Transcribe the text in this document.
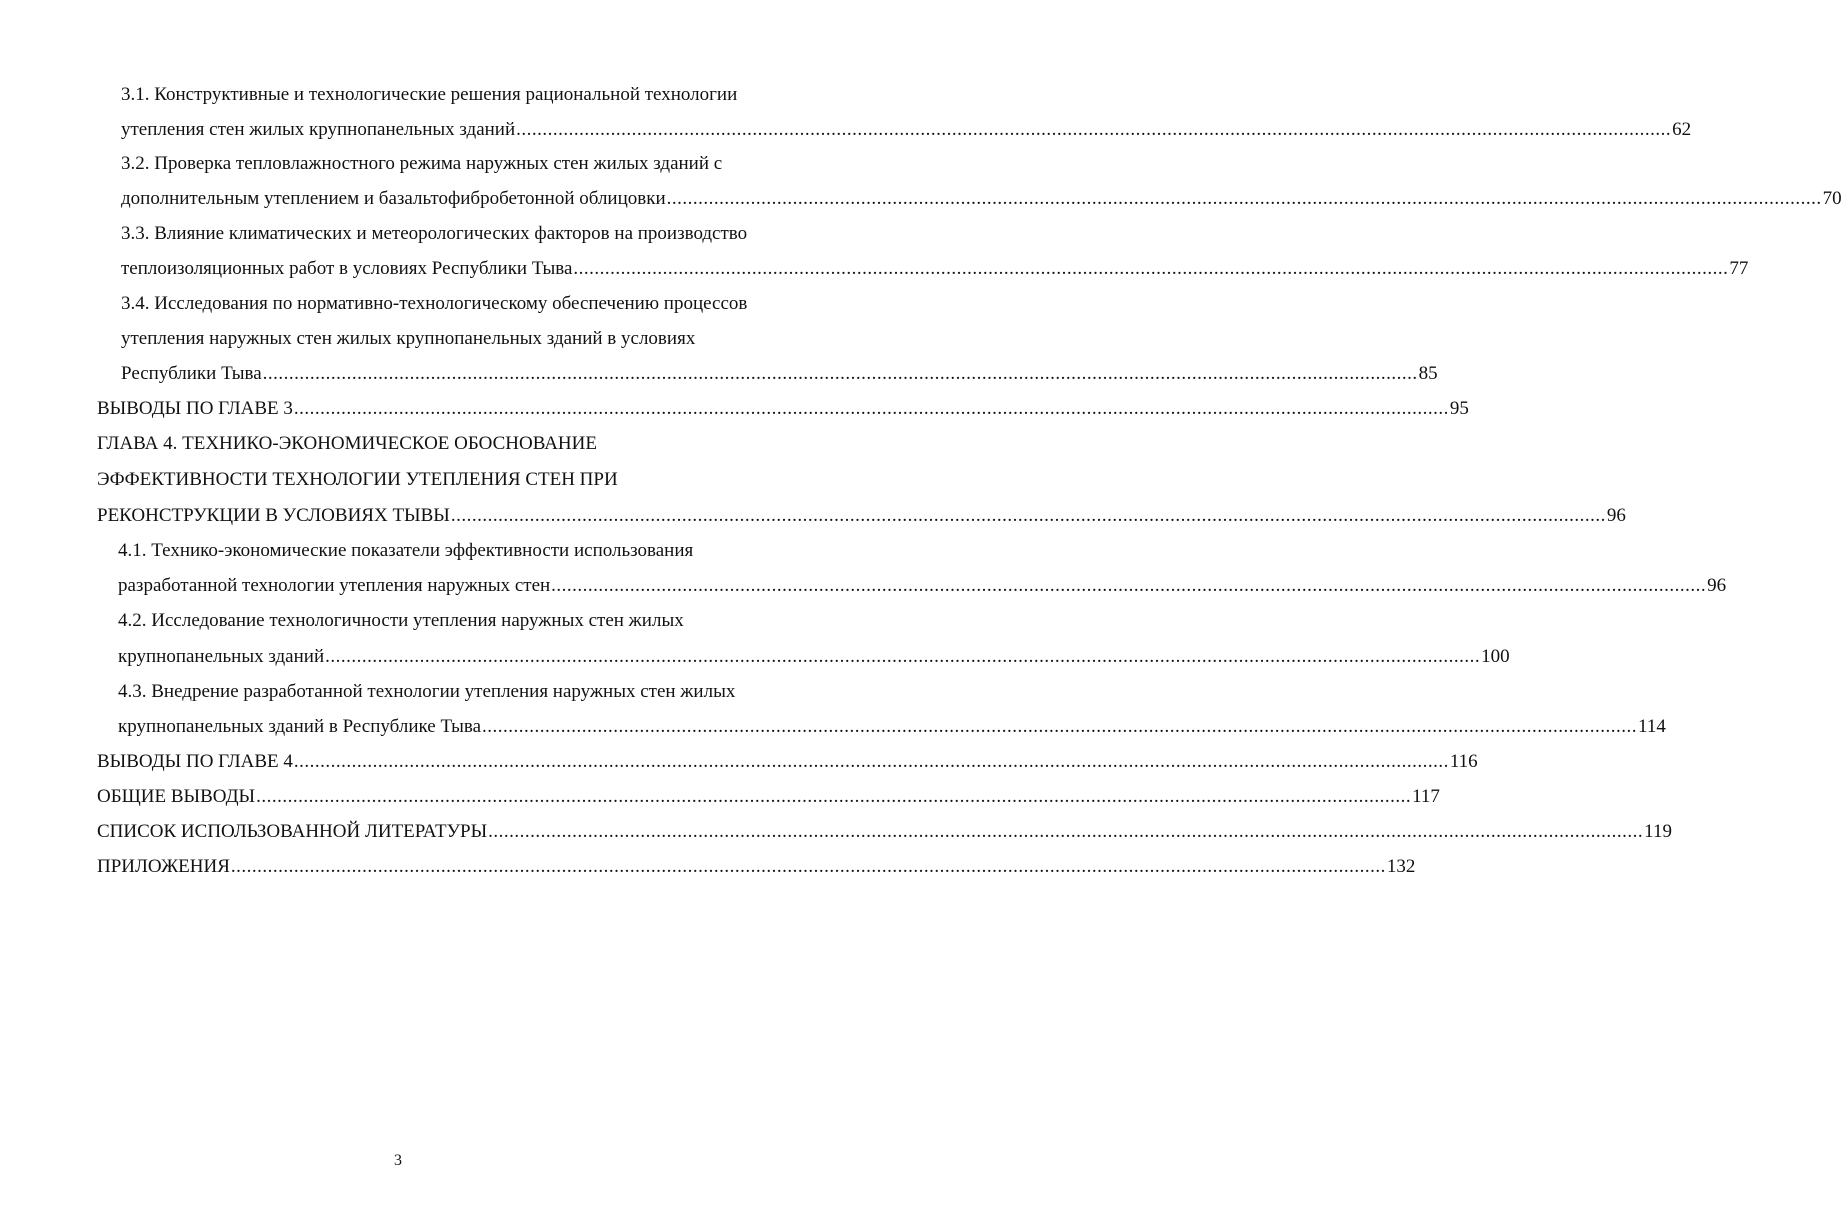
3.1. Конструктивные и технологические решения рациональной технологии
утепления стен жилых крупнопанельных зданий ............................................................................................................................................................................................................................ 62
3.2. Проверка тепловлажностного режима наружных стен жилых зданий с
дополнительным утеплением и базальтофибробетонной облицовки ............................................................................................................................................................................................................................ 70
3.3. Влияние климатических и метеорологических факторов на производство
теплоизоляционных работ в условиях Республики Тыва ............................................................................................................................................................................................................................ 77
3.4. Исследования по нормативно-технологическому обеспечению процессов
утепления наружных стен жилых крупнопанельных зданий в условиях
Республики Тыва ............................................................................................................................................................................................................................ 85
ВЫВОДЫ ПО ГЛАВЕ 3 ............................................................................................................................................................................................................................ 95
ГЛАВА 4. ТЕХНИКО-ЭКОНОМИЧЕСКОЕ ОБОСНОВАНИЕ
ЭФФЕКТИВНОСТИ ТЕХНОЛОГИИ УТЕПЛЕНИЯ СТЕН ПРИ
РЕКОНСТРУКЦИИ В УСЛОВИЯХ ТЫВЫ ............................................................................................................................................................................................................................ 96
4.1. Технико-экономические показатели эффективности использования
разработанной технологии утепления наружных стен ............................................................................................................................................................................................................................ 96
4.2. Исследование технологичности утепления наружных стен жилых
крупнопанельных зданий ............................................................................................................................................................................................................................ 100
4.3. Внедрение разработанной технологии утепления наружных стен жилых
крупнопанельных зданий в Республике Тыва ............................................................................................................................................................................................................................ 114
ВЫВОДЫ ПО ГЛАВЕ 4 ............................................................................................................................................................................................................................ 116
ОБЩИЕ ВЫВОДЫ ............................................................................................................................................................................................................................ 117
СПИСОК ИСПОЛЬЗОВАННОЙ ЛИТЕРАТУРЫ ............................................................................................................................................................................................................................ 119
ПРИЛОЖЕНИЯ ............................................................................................................................................................................................................................ 132
3
